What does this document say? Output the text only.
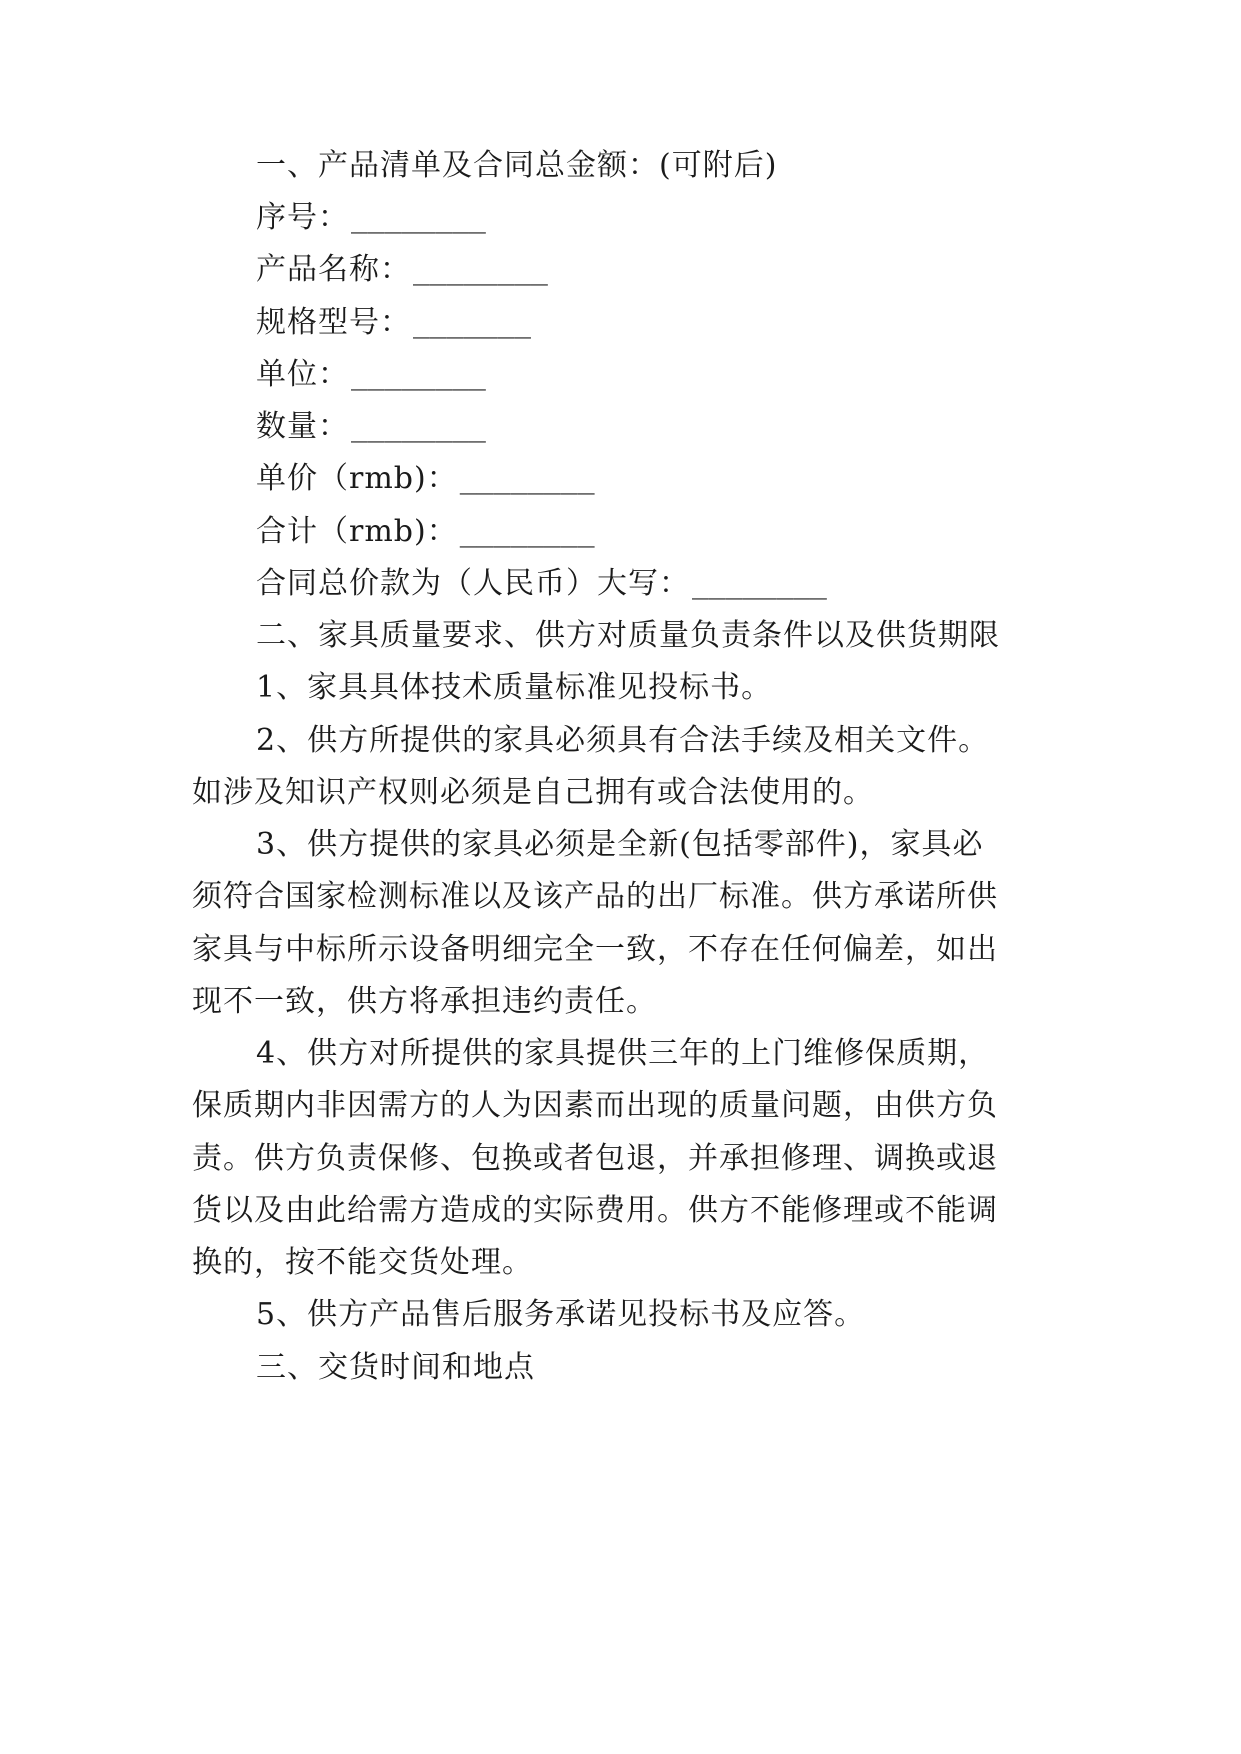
一、产品清单及合同总金额：(可附后)
序号：________
产品名称：________
规格型号：_______
单位：________
数量：________
单价（rmb)：________
合计（rmb)：________
合同总价款为（人民币）大写：________
二、家具质量要求、供方对质量负责条件以及供货期限
1、家具具体技术质量标准见投标书。
2、供方所提供的家具必须具有合法手续及相关文件。
如涉及知识产权则必须是自己拥有或合法使用的。
3、供方提供的家具必须是全新(包括零部件)，家具必
须符合国家检测标准以及该产品的出厂标准。供方承诺所供
家具与中标所示设备明细完全一致，不存在任何偏差，如出
现不一致，供方将承担违约责任。
4、供方对所提供的家具提供三年的上门维修保质期，
保质期内非因需方的人为因素而出现的质量问题，由供方负
责。供方负责保修、包换或者包退，并承担修理、调换或退
货以及由此给需方造成的实际费用。供方不能修理或不能调
换的，按不能交货处理。
5、供方产品售后服务承诺见投标书及应答。
三、交货时间和地点
